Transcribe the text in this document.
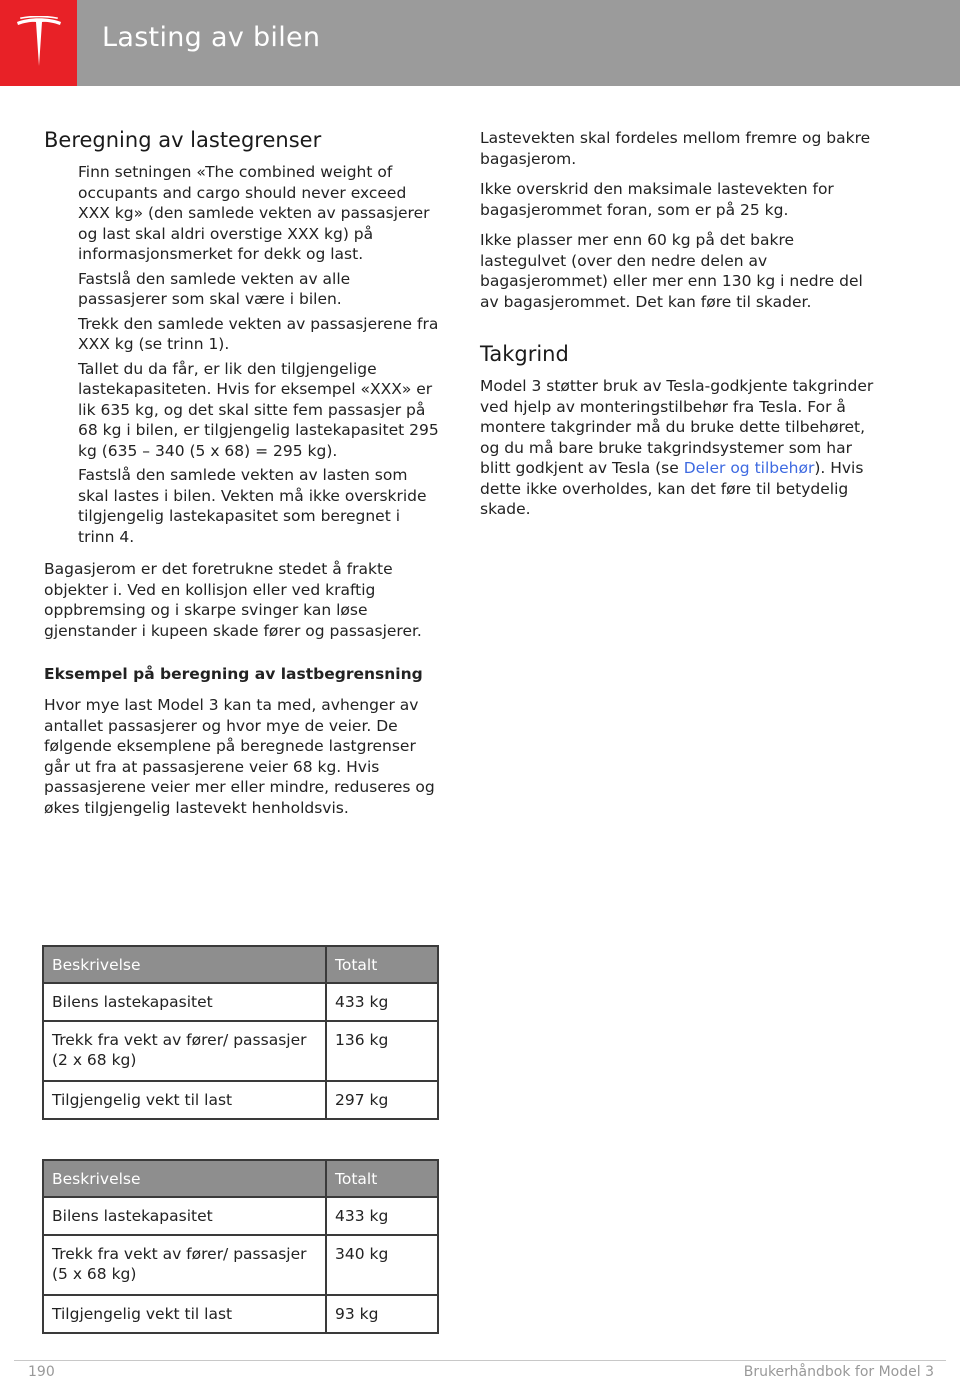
Lasting av bilen
Beregning av lastegrenser

Finn setningen «The combined weight of occupants and cargo should never exceed XXX kg» (den samlede vekten av passasjerer og last skal aldri overstige XXX kg) på informasjonsmerket for dekk og last.

Fastslå den samlede vekten av alle passasjerer som skal være i bilen.

Trekk den samlede vekten av passasjerene fra XXX kg (se trinn 1).

Tallet du da får, er lik den tilgjengelige lastekapasiteten. Hvis for eksempel «XXX» er lik 635 kg, og det skal sitte fem passasjer på 68 kg i bilen, er tilgjengelig lastekapasitet 295 kg (635 – 340 (5 x 68) = 295 kg).

Fastslå den samlede vekten av lasten som skal lastes i bilen. Vekten må ikke overskride tilgjengelig lastekapasitet som beregnet i trinn 4.

Bagasjerom er det foretrukne stedet å frakte objekter i. Ved en kollisjon eller ved kraftig oppbremsing og i skarpe svinger kan løse gjenstander i kupeen skade fører og passasjerer.

Eksempel på beregning av lastbegrensning

Hvor mye last Model 3 kan ta med, avhenger av antallet passasjerer og hvor mye de veier. De følgende eksemplene på beregnede lastgrenser går ut fra at passasjerene veier 68 kg. Hvis passasjerene veier mer eller mindre, reduseres og økes tilgjengelig lastevekt henholdsvis.

Beskrivelse	Totalt
Bilens lastekapasitet	433 kg
Trekk fra vekt av fører/ passasjer (2 x 68 kg)	136 kg
Tilgjengelig vekt til last	297 kg
Beskrivelse	Totalt
Bilens lastekapasitet	433 kg
Trekk fra vekt av fører/ passasjer (5 x 68 kg)	340 kg
Tilgjengelig vekt til last	93 kg

Lastevekten skal fordeles mellom fremre og bakre bagasjerom.

Ikke overskrid den maksimale lastevekten for bagasjerommet foran, som er på 25 kg.

Ikke plasser mer enn 60 kg på det bakre lastegulvet (over den nedre delen av bagasjerommet) eller mer enn 130 kg i nedre del av bagasjerommet. Det kan føre til skader.

Takgrind

Model 3 støtter bruk av Tesla-godkjente takgrinder ved hjelp av monteringstilbehør fra Tesla. For å montere takgrinder må du bruke dette tilbehøret, og du må bare bruke takgrindsystemer som har blitt godkjent av Tesla (se Deler og tilbehør). Hvis dette ikke overholdes, kan det føre til betydelig skade.

190	Brukerhåndbok for Model 3
